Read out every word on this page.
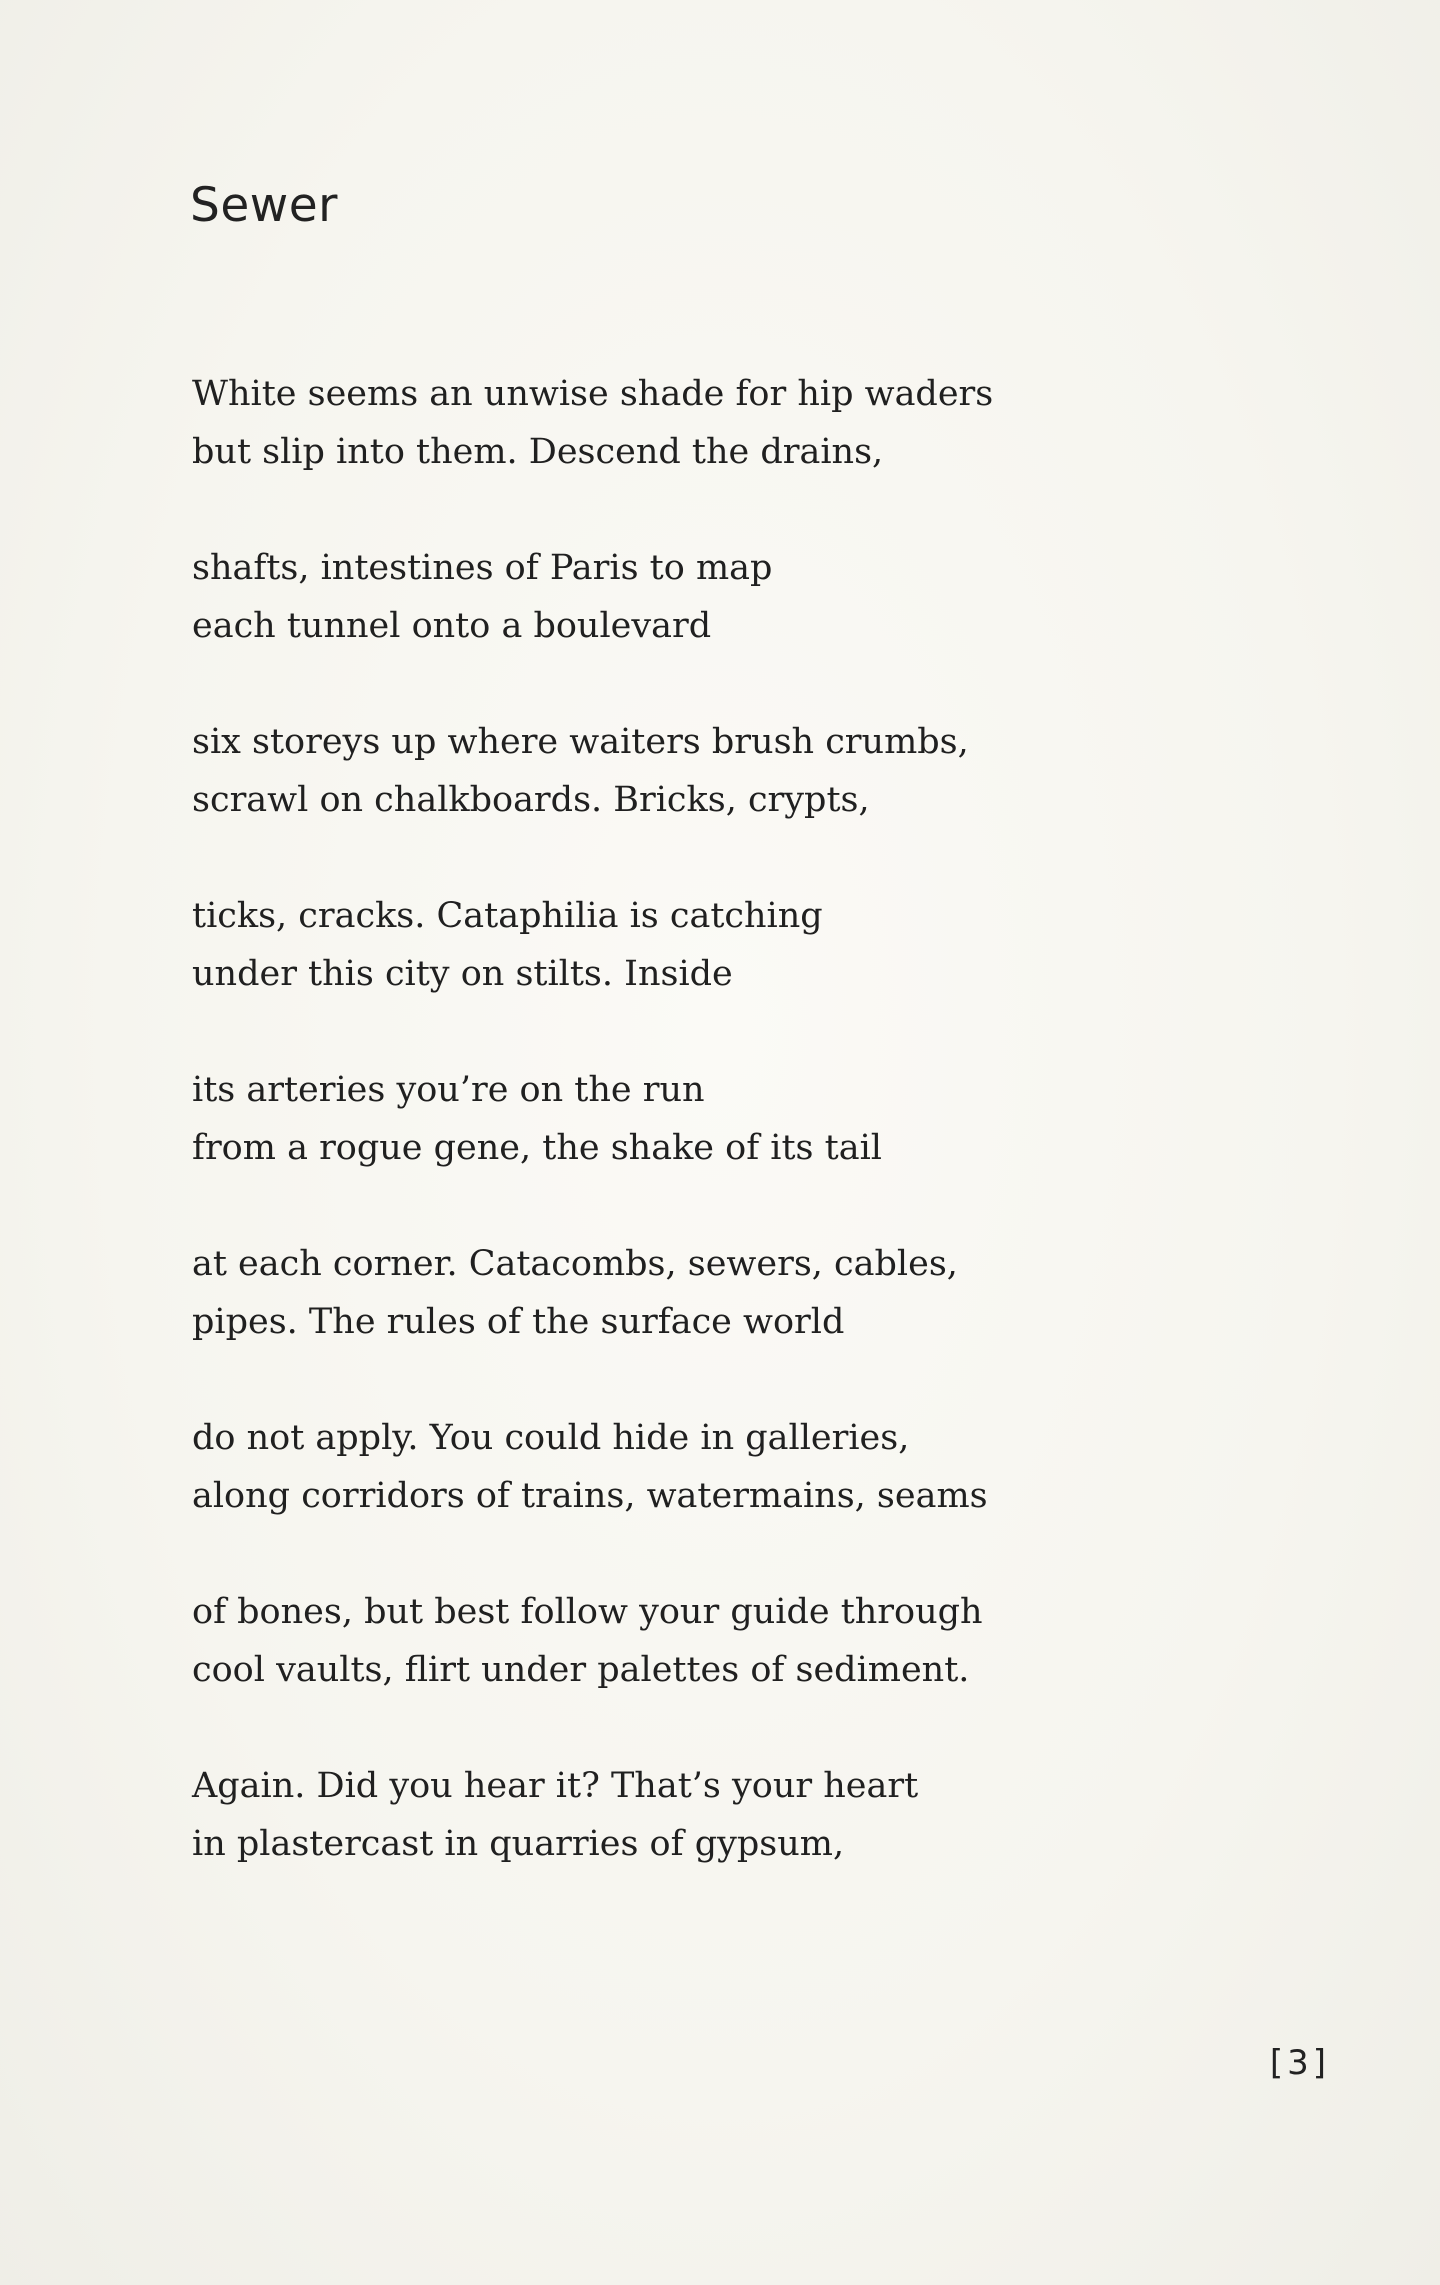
Sewer
White seems an unwise shade for hip waders
but slip into them. Descend the drains,
shafts, intestines of Paris to map
each tunnel onto a boulevard
six storeys up where waiters brush crumbs,
scrawl on chalkboards. Bricks, crypts,
ticks, cracks. Cataphilia is catching
under this city on stilts. Inside
its arteries you’re on the run
from a rogue gene, the shake of its tail
at each corner. Catacombs, sewers, cables,
pipes. The rules of the surface world
do not apply. You could hide in galleries,
along corridors of trains, watermains, seams
of bones, but best follow your guide through
cool vaults, flirt under palettes of sediment.
Again. Did you hear it? That’s your heart
in plastercast in quarries of gypsum,
[3]
